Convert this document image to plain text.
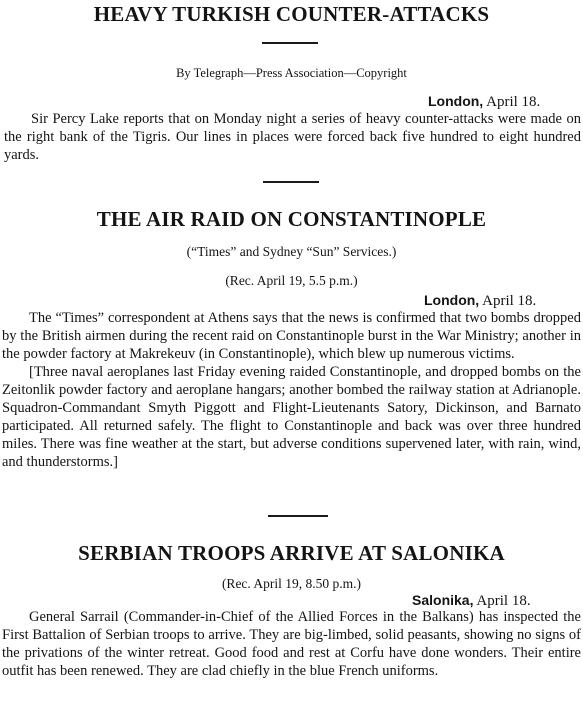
HEAVY TURKISH COUNTER-ATTACKS
By Telegraph—Press Association—Copyright
London, April 18.

Sir Percy Lake reports that on Monday night a series of heavy counter-attacks were made on the right bank of the Tigris. Our lines in places were forced back five hundred to eight hundred yards.

THE AIR RAID ON CONSTANTINOPLE
(“Times” and Sydney “Sun” Services.)
(Rec. April 19, 5.5 p.m.)
London, April 18.

The “Times” correspondent at Athens says that the news is confirmed that two bombs dropped by the British airmen during the recent raid on Constantinople burst in the War Ministry; another in the powder factory at Makrekeuv (in Constantinople), which blew up numerous victims.

[Three naval aeroplanes last Friday evening raided Constantinople, and dropped bombs on the Zeitonlik powder factory and aeroplane hangars; another bombed the railway station at Adrianople. Squadron-Commandant Smyth Piggott and Flight-Lieutenants Satory, Dickinson, and Barnato participated. All returned safely. The flight to Constantinople and back was over three hundred miles. There was fine weather at the start, but adverse conditions supervened later, with rain, wind, and thunderstorms.]

SERBIAN TROOPS ARRIVE AT SALONIKA
(Rec. April 19, 8.50 p.m.)
Salonika, April 18.

General Sarrail (Commander-in-Chief of the Allied Forces in the Balkans) has inspected the First Battalion of Serbian troops to arrive. They are big-limbed, solid peasants, showing no signs of the privations of the winter retreat. Good food and rest at Corfu have done wonders. Their entire outfit has been renewed. They are clad chiefly in the blue French uniforms.
